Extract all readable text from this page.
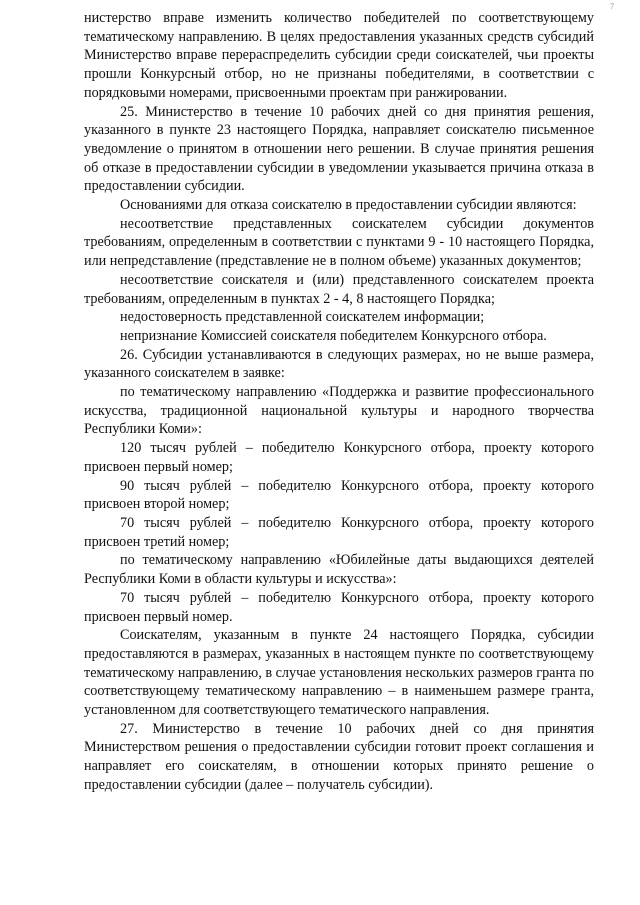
7

нистерство вправе изменить количество победителей по соответствующему тематическому направлению. В целях предоставления указанных средств субсидий Министерство вправе перераспределить субсидии среди соискателей, чьи проекты прошли Конкурсный отбор, но не признаны победителями, в соответствии с порядковыми номерами, присвоенными проектам при ранжировании.

25. Министерство в течение 10 рабочих дней со дня принятия решения, указанного в пункте 23 настоящего Порядка, направляет соискателю письменное уведомление о принятом в отношении него решении. В случае принятия решения об отказе в предоставлении субсидии в уведомлении указывается причина отказа в предоставлении субсидии.

Основаниями для отказа соискателю в предоставлении субсидии являются:

несоответствие представленных соискателем субсидии документов требованиям, определенным в соответствии с пунктами 9 - 10 настоящего Порядка, или непредставление (представление не в полном объеме) указанных документов;

несоответствие соискателя и (или) представленного соискателем проекта требованиям, определенным в пунктах 2 - 4, 8 настоящего Порядка;

недостоверность представленной соискателем информации;

непризнание Комиссией соискателя победителем Конкурсного отбора.

26. Субсидии устанавливаются в следующих размерах, но не выше размера, указанного соискателем в заявке:

по тематическому направлению «Поддержка и развитие профессионального искусства, традиционной национальной культуры и народного творчества Республики Коми»:

120 тысяч рублей – победителю Конкурсного отбора, проекту которого присвоен первый номер;

90 тысяч рублей – победителю Конкурсного отбора, проекту которого присвоен второй номер;

70 тысяч рублей – победителю Конкурсного отбора, проекту которого присвоен третий номер;

по тематическому направлению «Юбилейные даты выдающихся деятелей Республики Коми в области культуры и искусства»:

70 тысяч рублей – победителю Конкурсного отбора, проекту которого присвоен первый номер.

Соискателям, указанным в пункте 24 настоящего Порядка, субсидии предоставляются в размерах, указанных в настоящем пункте по соответствующему тематическому направлению, в случае установления нескольких размеров гранта по соответствующему тематическому направлению – в наименьшем размере гранта, установленном для соответствующего тематического направления.

27. Министерство в течение 10 рабочих дней со дня принятия Министерством решения о предоставлении субсидии готовит проект соглашения и направляет его соискателям, в отношении которых принято решение о предоставлении субсидии (далее – получатель субсидии).
